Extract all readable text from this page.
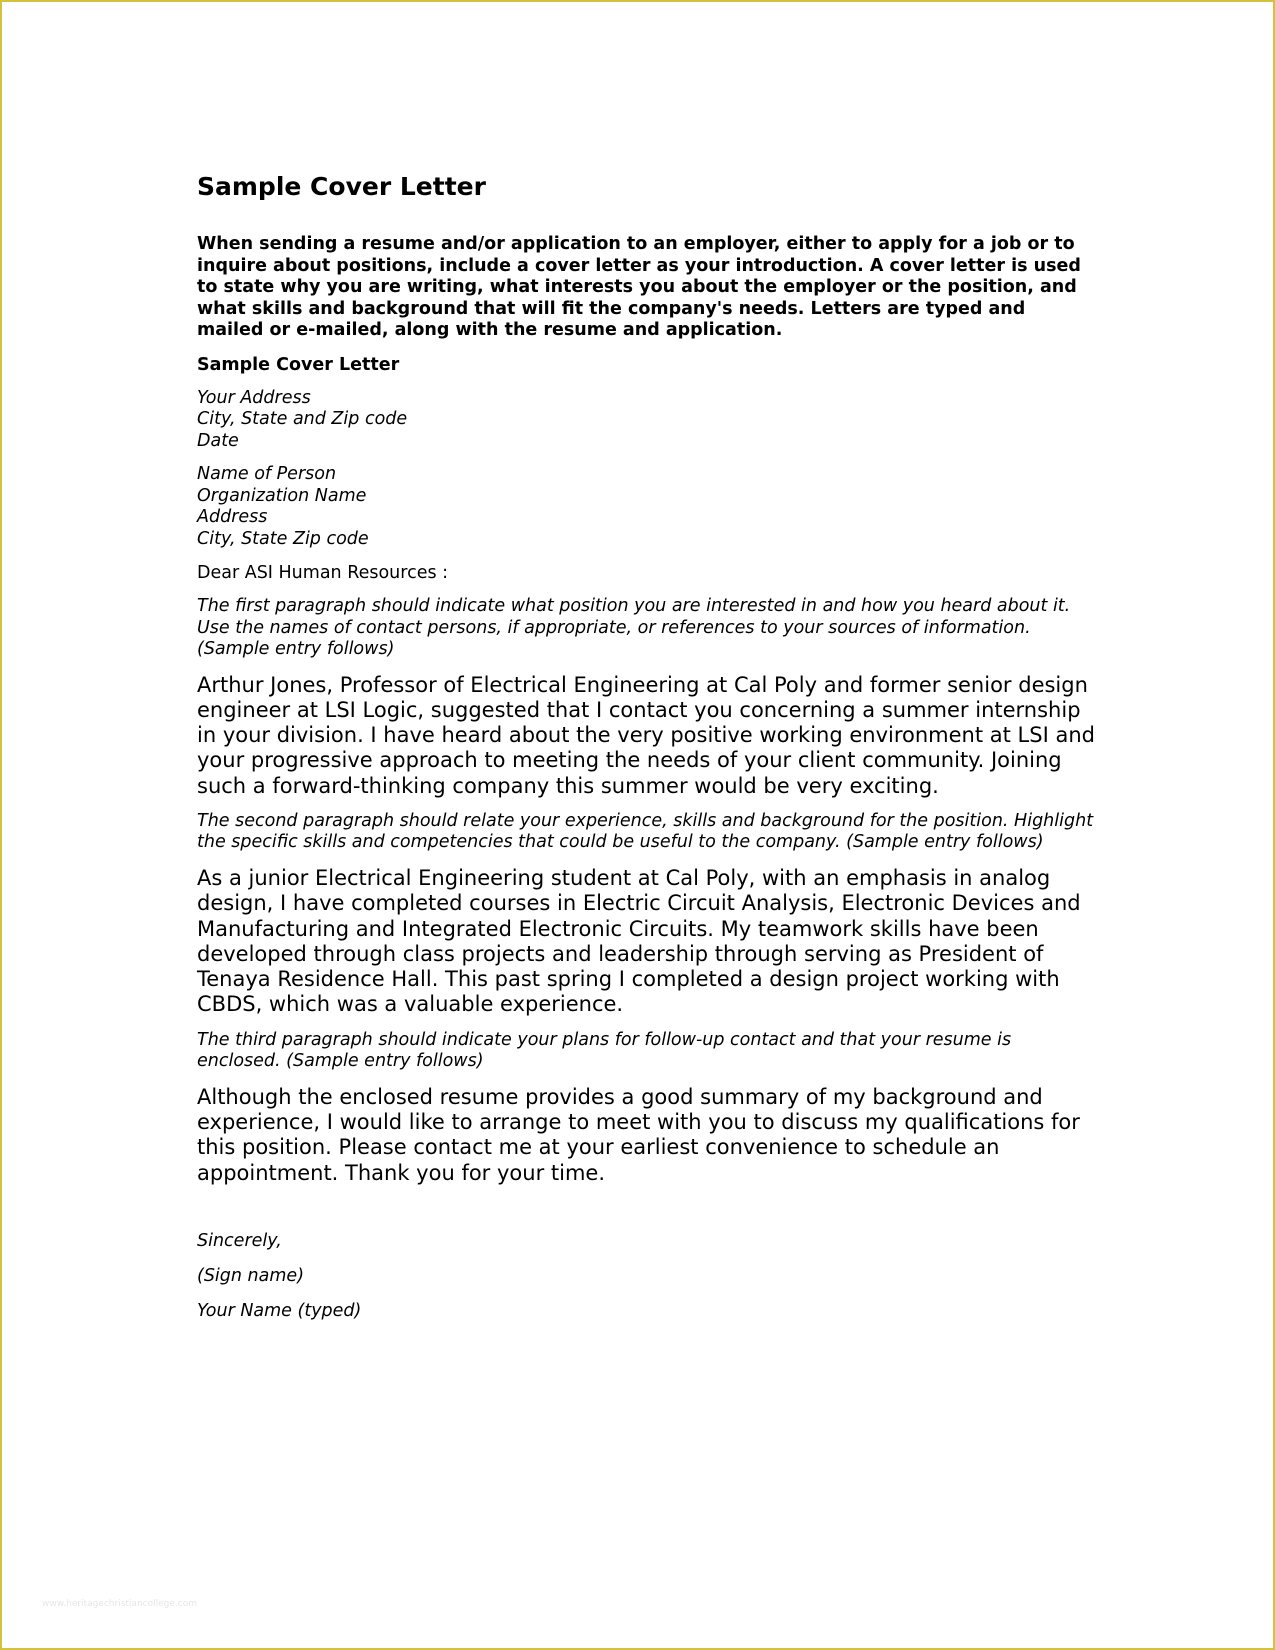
Sample Cover Letter

When sending a resume and/or application to an employer, either to apply for a job or to inquire about positions, include a cover letter as your introduction. A cover letter is used to state why you are writing, what interests you about the employer or the position, and what skills and background that will fit the company's needs. Letters are typed and mailed or e-mailed, along with the resume and application.

Sample Cover Letter

Your Address
City, State and Zip code
Date
Name of Person
Organization Name
Address
City, State Zip code

Dear ASI Human Resources :

The first paragraph should indicate what position you are interested in and how you heard about it. Use the names of contact persons, if appropriate, or references to your sources of information. (Sample entry follows)

Arthur Jones, Professor of Electrical Engineering at Cal Poly and former senior design engineer at LSI Logic, suggested that I contact you concerning a summer internship in your division. I have heard about the very positive working environment at LSI and your progressive approach to meeting the needs of your client community. Joining such a forward-thinking company this summer would be very exciting.

The second paragraph should relate your experience, skills and background for the position. Highlight the specific skills and competencies that could be useful to the company. (Sample entry follows)

As a junior Electrical Engineering student at Cal Poly, with an emphasis in analog design, I have completed courses in Electric Circuit Analysis, Electronic Devices and Manufacturing and Integrated Electronic Circuits. My teamwork skills have been developed through class projects and leadership through serving as President of Tenaya Residence Hall. This past spring I completed a design project working with CBDS, which was a valuable experience.

The third paragraph should indicate your plans for follow-up contact and that your resume is enclosed. (Sample entry follows)

Although the enclosed resume provides a good summary of my background and experience, I would like to arrange to meet with you to discuss my qualifications for this position. Please contact me at your earliest convenience to schedule an appointment. Thank you for your time.

Sincerely,

(Sign name)

Your Name (typed)

www.heritagechristiancollege.com
